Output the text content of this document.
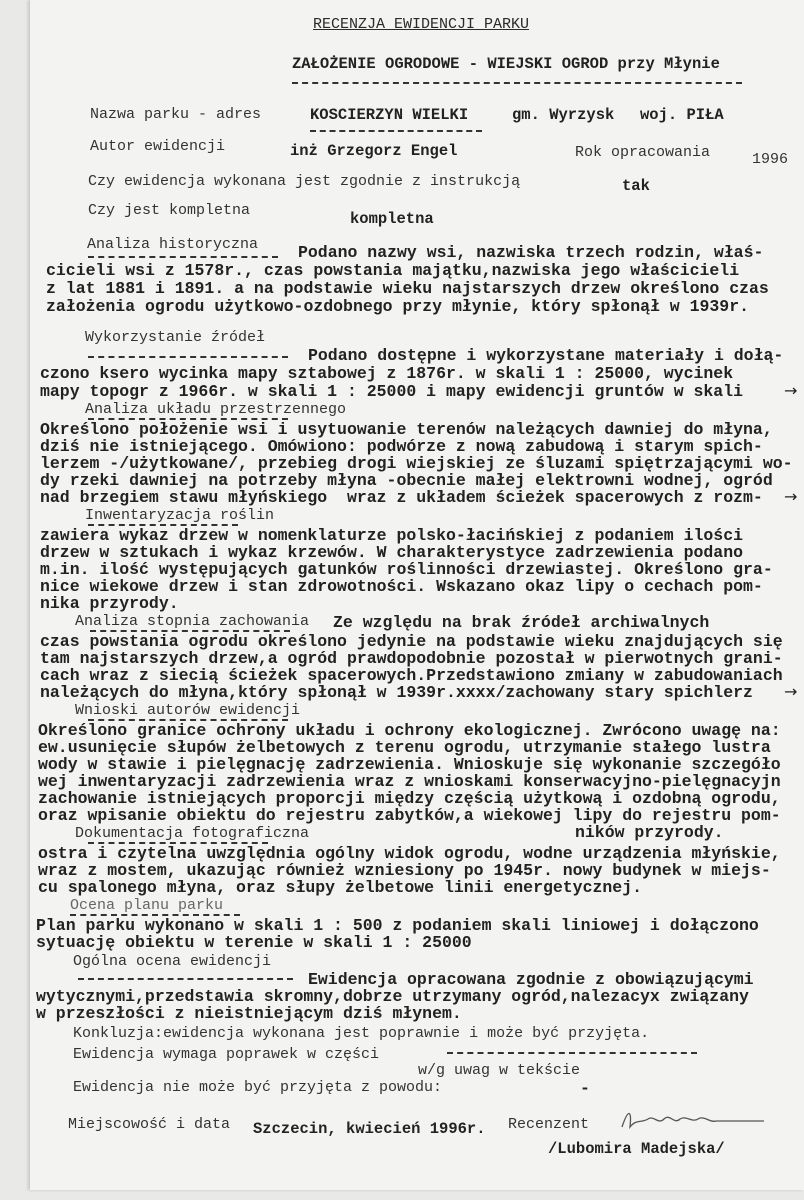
RECENZJA EWIDENCJI PARKU
ZAŁOŻENIE OGRODOWE - WIEJSKI OGROD przy Młynie
Nazwa parku - adres	KOSCIERZYN WIELKI	gm. Wyrzysk woj. PIŁA
Autor ewidencji	inż Grzegorz Engel	Rok opracowania	1996
Czy ewidencja wykonana jest zgodnie z instrukcją	tak
Czy jest kompletna	kompletna
Analiza historyczna Podano nazwy wsi, nazwiska trzech rodzin, właś-
cicieli wsi z 1578r., czas powstania majątku,nazwiska jego właścicieli
z lat 1881 i 1891. a na podstawie wieku najstarszych drzew określono czas
założenia ogrodu użytkowo-ozdobnego przy młynie, który spłonął w 1939r.
Wykorzystanie źródeł
Podano dostępne i wykorzystane materiały i dołą-
czono ksero wycinka mapy sztabowej z 1876r. w skali 1 : 25000, wycinek
mapy topogr z 1966r. w skali 1 : 25000 i mapy ewidencji gruntów w skali	→
Analiza układu przestrzennego
Określono położenie wsi i usytuowanie terenów należących dawniej do młyna,
dziś nie istniejącego. Omówiono: podwórze z nową zabudową i starym spich-
lerzem -/użytkowane/, przebieg drogi wiejskiej ze śluzami spiętrzającymi wo-
dy rzeki dawniej na potrzeby młyna -obecnie małej elektrowni wodnej, ogród
nad brzegiem stawu młyńskiego  wraz z układem ścieżek spacerowych z rozm- →
Inwentaryzacja roślin
zawiera wykaz drzew w nomenklaturze polsko-łacińskiej z podaniem ilości
drzew w sztukach i wykaz krzewów. W charakterystyce zadrzewienia podano
m.in. ilość występujących gatunków roślinności drzewiastej. Określono gra-
nice wiekowe drzew i stan zdrowotności. Wskazano okaz lipy o cechach pom-
nika przyrody.
Analiza stopnia zachowania Ze względu na brak źródeł archiwalnych
czas powstania ogrodu określono jedynie na podstawie wieku znajdujących się
tam najstarszych drzew,a ogród prawdopodobnie pozostał w pierwotnych grani-
cach wraz z siecią ścieżek spacerowych.Przedstawiono zmiany w zabudowaniach
należących do młyna,który spłonął w 1939r.xxxx/zachowany stary spichlerz →
Wnioski autorów ewidencji
Określono granice ochrony układu i ochrony ekologicznej. Zwrócono uwagę na:
ew.usunięcie słupów żelbetowych z terenu ogrodu, utrzymanie stałego lustra
wody w stawie i pielęgnację zadrzewienia. Wnioskuje się wykonanie szczegóło
wej inwentaryzacji zadrzewienia wraz z wnioskami konserwacyjno-pielęgnacyjn
zachowanie istniejących proporcji między częścią użytkową i ozdobną ogrodu,
oraz wpisanie obiektu do rejestru zabytków,a wiekowej lipy do rejestru pom-
ników przyrody.
Dokumentacja fotograficzna
ostra i czytelna uwzględnia ogólny widok ogrodu, wodne urządzenia młyńskie,
wraz z mostem, ukazując również wzniesiony po 1945r. nowy budynek w miejs-
cu spalonego młyna, oraz słupy żelbetowe linii energetycznej.
Ocena planu parku
Plan parku wykonano w skali 1 : 500 z podaniem skali liniowej i dołączono
sytuację obiektu w terenie w skali 1 : 25000
Ogólna ocena ewidencji
Ewidencja opracowana zgodnie z obowiązującymi
wytycznymi,przedstawia skromny,dobrze utrzymany ogród,nalezacyx związany
w przeszłości z nieistniejącym dziś młynem.
Konkluzja:ewidencja wykonana jest poprawnie i może być przyjęta.
Ewidencja wymaga poprawek w części
w/g uwag w tekście
Ewidencja nie może być przyjęta z powodu:	-
Miejscowość i data Szczecin, kwiecień 1996r. Recenzent
/Lubomira Madejska/
